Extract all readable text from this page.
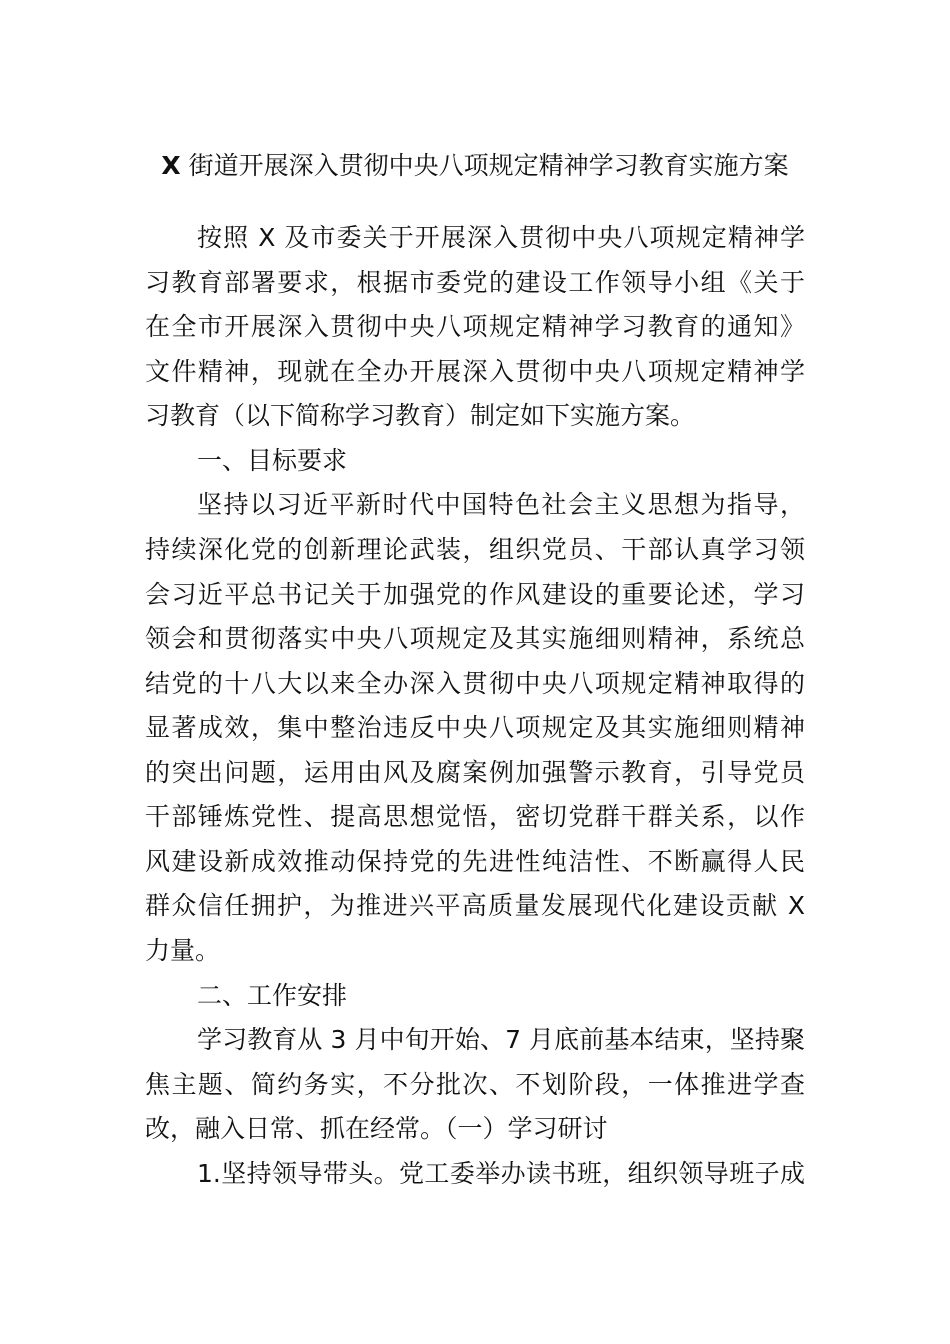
X 街道开展深入贯彻中央八项规定精神学习教育实施方案
按照 X 及市委关于开展深入贯彻中央八项规定精神学
习教育部署要求，根据市委党的建设工作领导小组《关于
在全市开展深入贯彻中央八项规定精神学习教育的通知》
文件精神，现就在全办开展深入贯彻中央八项规定精神学
习教育（以下简称学习教育）制定如下实施方案。
一、目标要求
坚持以习近平新时代中国特色社会主义思想为指导，
持续深化党的创新理论武装，组织党员、干部认真学习领
会习近平总书记关于加强党的作风建设的重要论述，学习
领会和贯彻落实中央八项规定及其实施细则精神，系统总
结党的十八大以来全办深入贯彻中央八项规定精神取得的
显著成效，集中整治违反中央八项规定及其实施细则精神
的突出问题，运用由风及腐案例加强警示教育，引导党员
干部锤炼党性、提高思想觉悟，密切党群干群关系，以作
风建设新成效推动保持党的先进性纯洁性、不断赢得人民
群众信任拥护，为推进兴平高质量发展现代化建设贡献 X
力量。
二、工作安排
学习教育从 3 月中旬开始、7 月底前基本结束，坚持聚
焦主题、简约务实，不分批次、不划阶段，一体推进学查
改，融入日常、抓在经常。（一）学习研讨
1.坚持领导带头。党工委举办读书班，组织领导班子成
